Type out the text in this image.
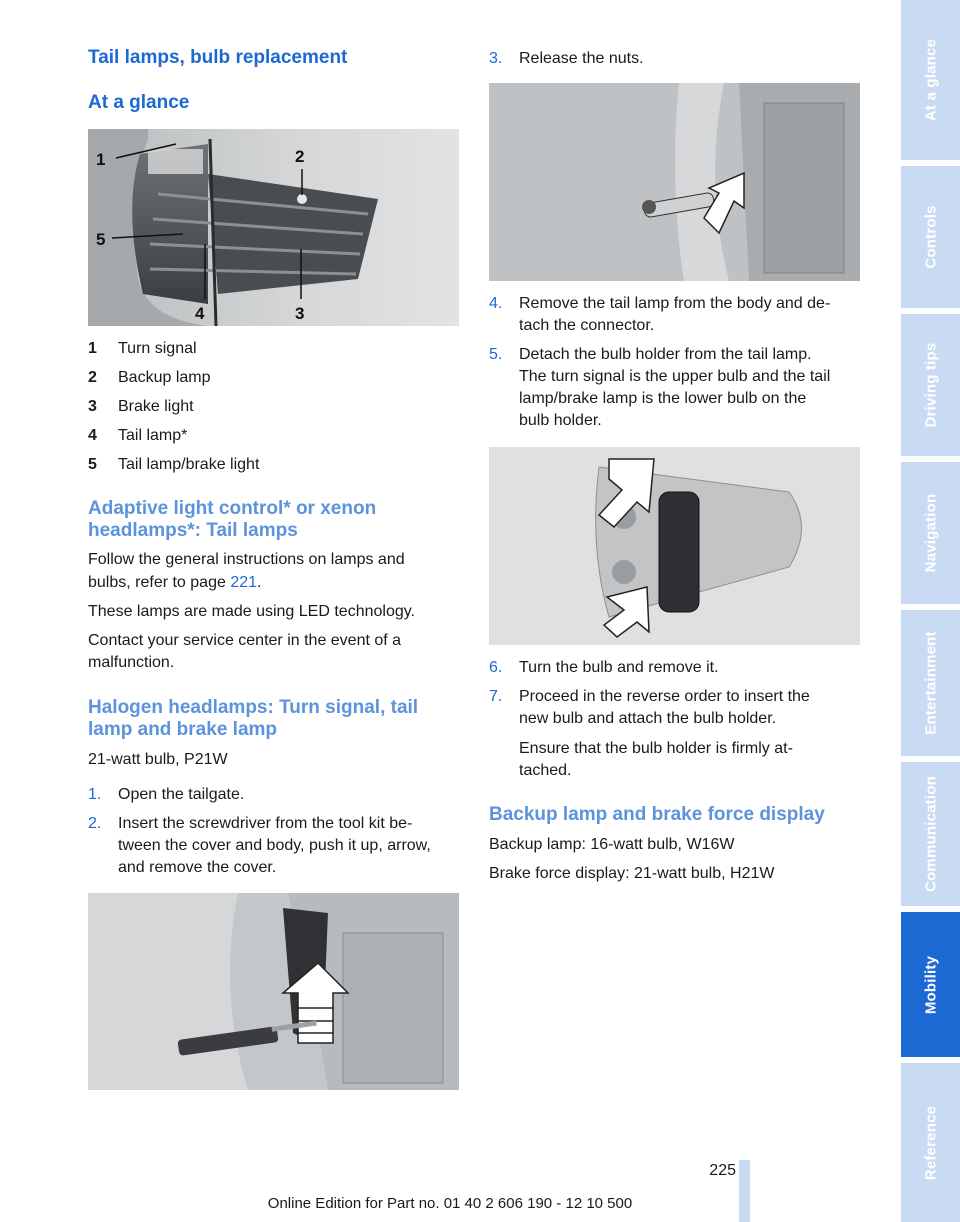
Tail lamps, bulb replacement
At a glance
1	2
5
4	3
1 Turn signal
2 Backup lamp
3 Brake light
4 Tail lamp*
5 Tail lamp/brake light
Adaptive light control* or xenon
headlamps*: Tail lamps
Follow the general instructions on lamps and
bulbs, refer to page 221.
These lamps are made using LED technology.
Contact your service center in the event of a
malfunction.
Halogen headlamps: Turn signal, tail
lamp and brake lamp
21-watt bulb, P21W
1. Open the tailgate.
2. Insert the screwdriver from the tool kit be-
tween the cover and body, push it up, arrow,
and remove the cover.
3. Release the nuts.
4. Remove the tail lamp from the body and de-
tach the connector.
5. Detach the bulb holder from the tail lamp.
The turn signal is the upper bulb and the tail
lamp/brake lamp is the lower bulb on the
bulb holder.
6. Turn the bulb and remove it.
7. Proceed in the reverse order to insert the
new bulb and attach the bulb holder.
Ensure that the bulb holder is firmly at-
tached.
Backup lamp and brake force display
Backup lamp: 16-watt bulb, W16W
Brake force display: 21-watt bulb, H21W
At a glance
Controls
Driving tips
Navigation
Entertainment
Communication
Mobility
Reference
225
Online Edition for Part no. 01 40 2 606 190 - 12 10 500
